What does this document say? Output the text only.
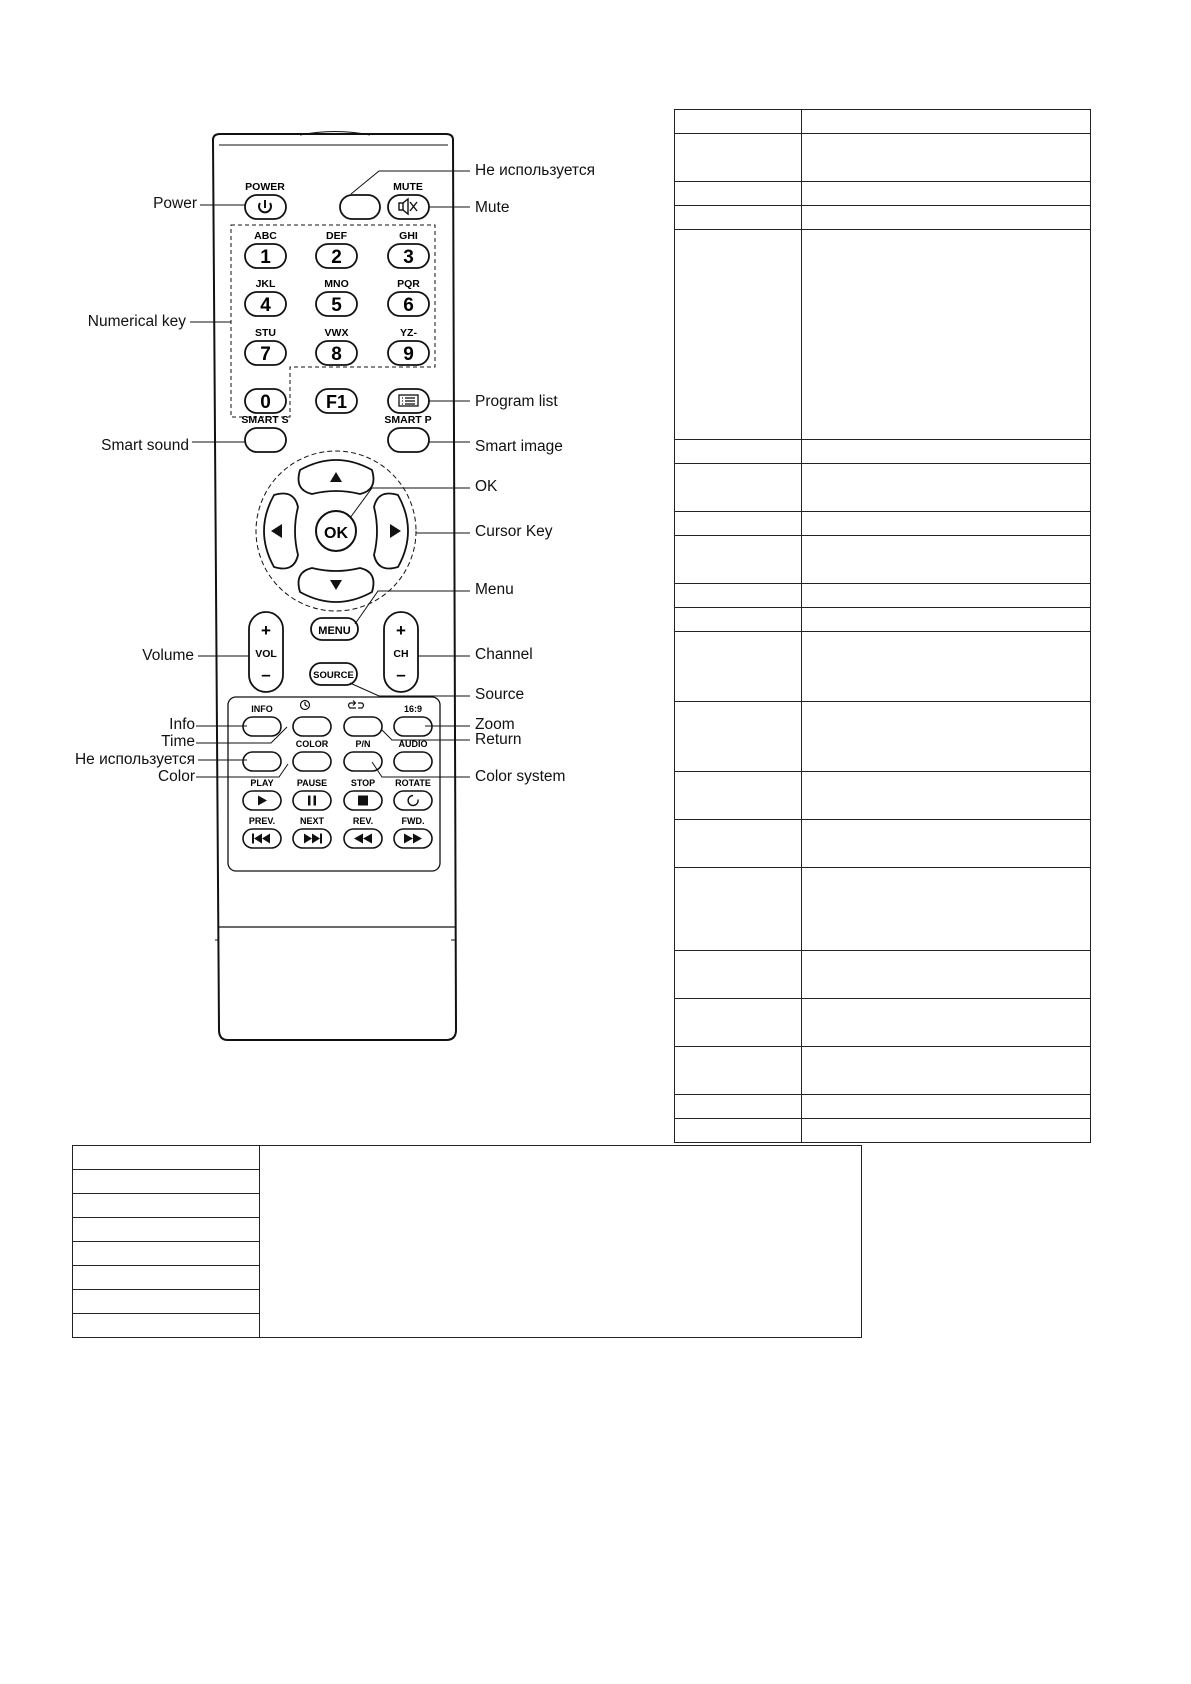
POWER	MUTE
ABC
1
DEF
2
GHI
3
JKL
4
MNO
5
PQR
6
STU
7
VWX
8
YZ-
9
0	F1
SMART S	SMART P
OK
MENU
+
VOL
–
+
CH
–
SOURCE
INFO	16:9
COLOR	P/N	AUDIO
PLAY	PAUSE	STOP ROTATE
PREV.	NEXT	REV.	FWD.
Power
Numerical key
Smart sound
Volume
Info
Time
Не используется
Color
Не используется
Mute
Program list
Smart image
OK
Cursor Key
Menu
Channel
Source
Zoom
Return
Color system
